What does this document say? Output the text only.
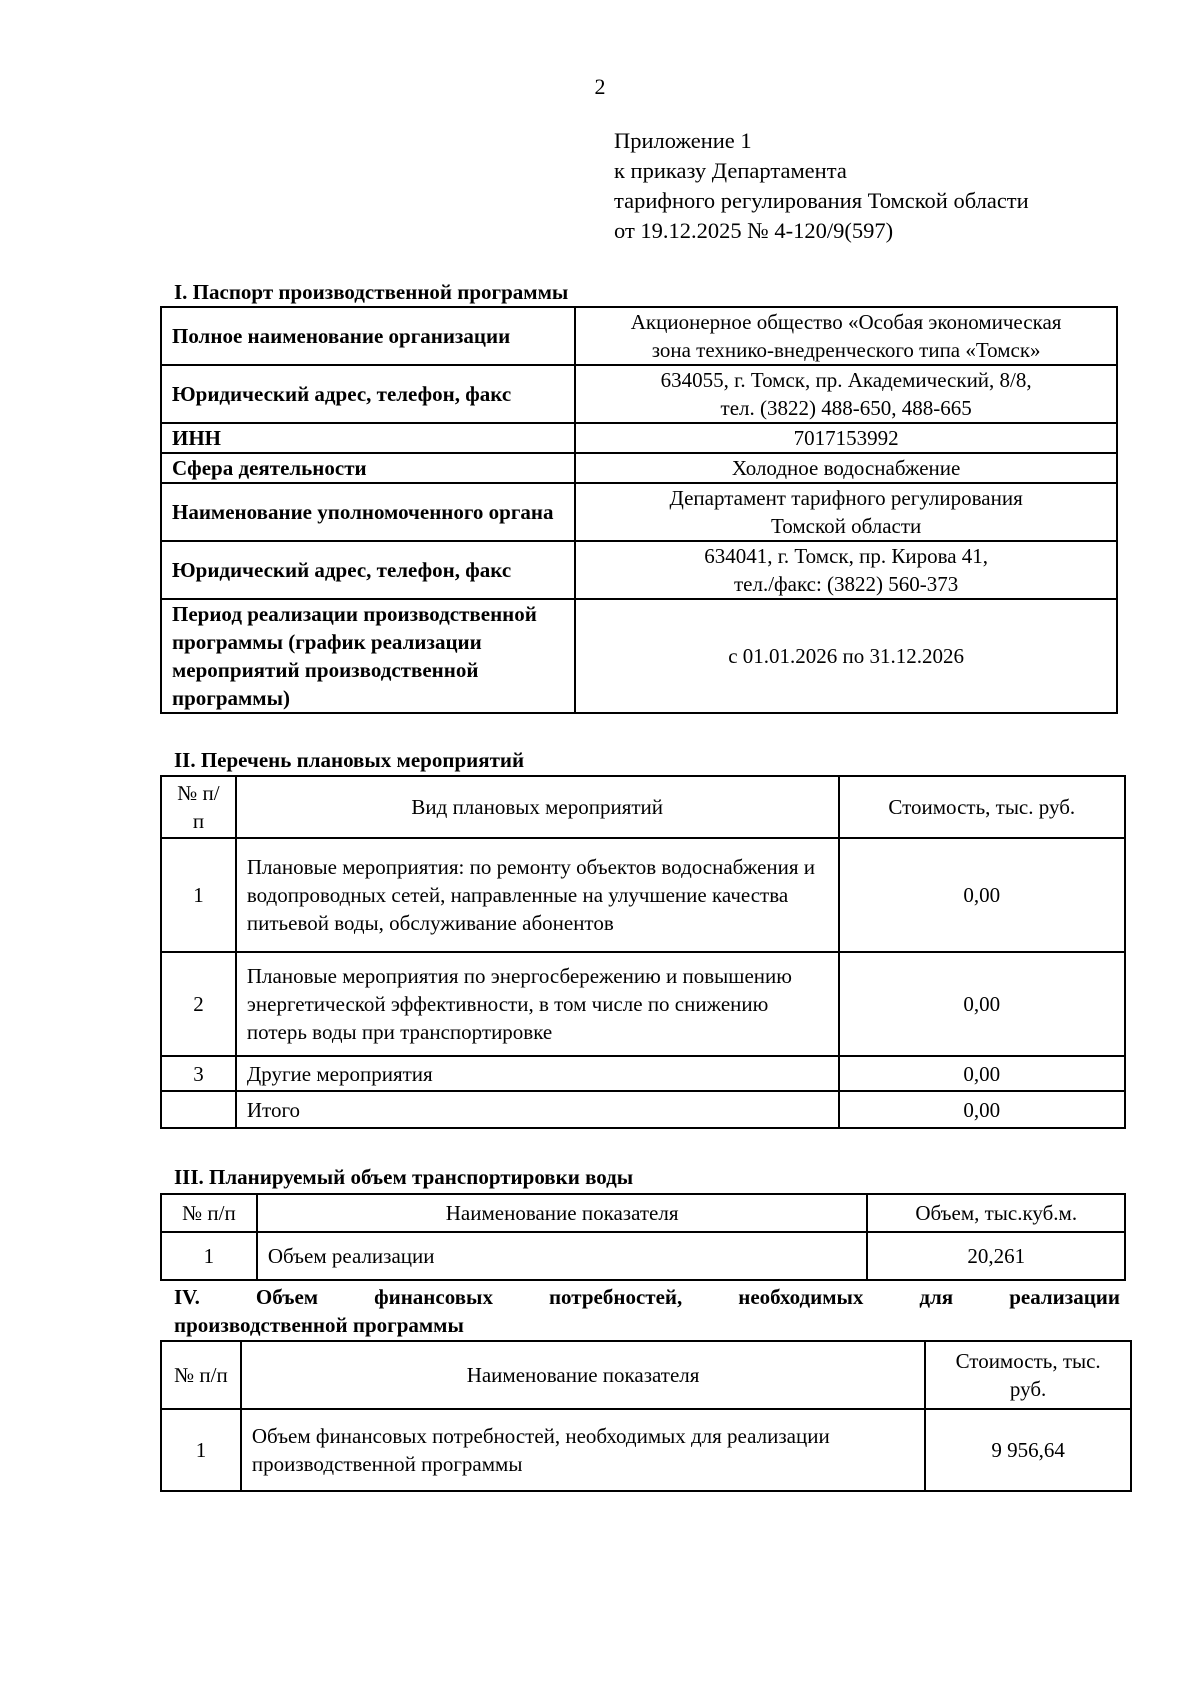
2
Приложение 1
к приказу Департамента
тарифного регулирования Томской области
от 19.12.2025 № 4-120/9(597)
I. Паспорт производственной программы
Полное наименование организации	Акционерное общество «Особая экономическая
зона технико-внедренческого типа «Томск»

Юридический адрес, телефон, факс	634055, г. Томск, пр. Академический, 8/8,
тел. (3822) 488-650, 488-665

ИНН	7017153992
Сфера деятельности	Холодное водоснабжение
Наименование уполномоченного органа	Департамент тарифного регулирования
Томской области

Юридический адрес, телефон, факс	634041, г. Томск, пр. Кирова 41,
тел./факс: (3822) 560-373

Период реализации производственной программы (график реализации мероприятий производственной программы)	с 01.01.2026 по 31.12.2026
II. Перечень плановых мероприятий
№ п/п	Вид плановых мероприятий	Стоимость, тыс. руб.
1	Плановые мероприятия: по ремонту объектов водоснабжения и водопроводных сетей, направленные на улучшение качества питьевой воды, обслуживание абонентов	0,00
2	Плановые мероприятия по энергосбережению и повышению энергетической эффективности, в том числе по снижению потерь воды при транспортировке	0,00
3	Другие мероприятия	0,00
	Итого	0,00
III. Планируемый объем транспортировки воды
№ п/п	Наименование показателя	Объем, тыс.куб.м.
1	Объем реализации	20,261
IV.	Объем	финансовых	потребностей,	необходимых	для	реализации
производственной программы
№ п/п	Наименование показателя	Стоимость, тыс. руб.
1	Объем финансовых потребностей, необходимых для реализации производственной программы	9 956,64
